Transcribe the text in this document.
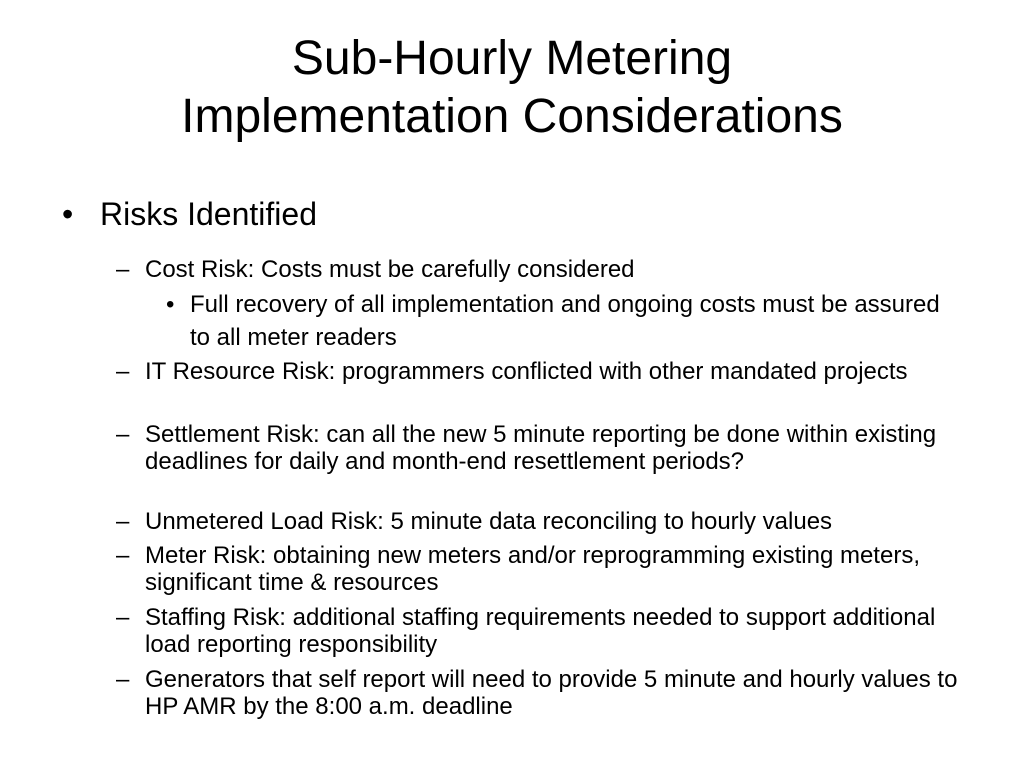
Sub-Hourly Metering
Implementation Considerations
• Risks Identified
– Cost Risk: Costs must be carefully considered
• Full recovery of all implementation and ongoing costs must be assured to all meter readers
– IT Resource Risk: programmers conflicted with other mandated projects
– Settlement Risk: can all the new 5 minute reporting be done within existing deadlines for daily and month-end resettlement periods?
– Unmetered Load Risk: 5 minute data reconciling to hourly values
– Meter Risk: obtaining new meters and/or reprogramming existing meters, significant time & resources
– Staffing Risk: additional staffing requirements needed to support additional load reporting responsibility
– Generators that self report will need to provide 5 minute and hourly values to HP AMR by the 8:00 a.m. deadline
